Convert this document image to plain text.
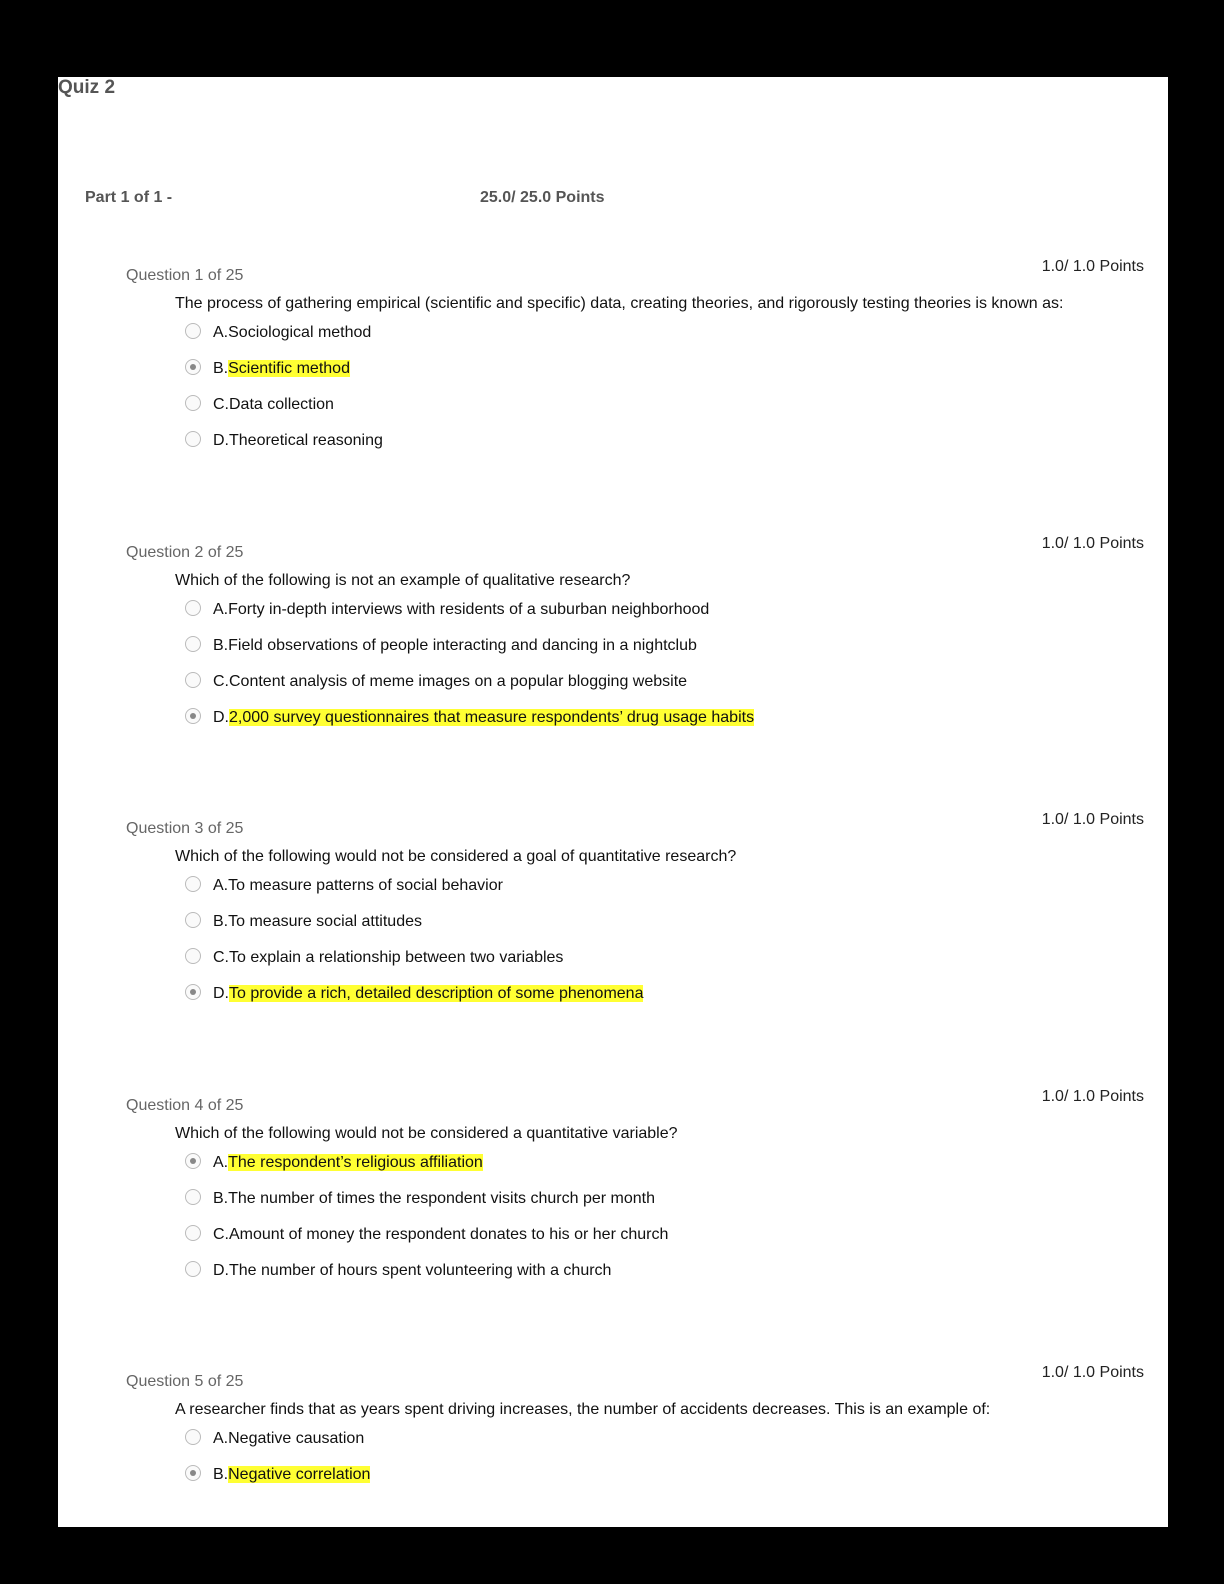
Quiz 2
Part 1 of 1 -	25.0/ 25.0 Points
1.0/ 1.0 Points
Question 1 of 25
The process of gathering empirical (scientific and specific) data, creating theories, and rigorously testing theories is known as:
A.Sociological method
B.Scientific method
C.Data collection
D.Theoretical reasoning
1.0/ 1.0 Points
Question 2 of 25
Which of the following is not an example of qualitative research?
A.Forty in-depth interviews with residents of a suburban neighborhood
B.Field observations of people interacting and dancing in a nightclub
C.Content analysis of meme images on a popular blogging website
D.2,000 survey questionnaires that measure respondents’ drug usage habits
1.0/ 1.0 Points
Question 3 of 25
Which of the following would not be considered a goal of quantitative research?
A.To measure patterns of social behavior
B.To measure social attitudes
C.To explain a relationship between two variables
D.To provide a rich, detailed description of some phenomena
1.0/ 1.0 Points
Question 4 of 25
Which of the following would not be considered a quantitative variable?
A.The respondent’s religious affiliation
B.The number of times the respondent visits church per month
C.Amount of money the respondent donates to his or her church
D.The number of hours spent volunteering with a church
1.0/ 1.0 Points
Question 5 of 25
A researcher finds that as years spent driving increases, the number of accidents decreases. This is an example of:
A.Negative causation
B.Negative correlation
